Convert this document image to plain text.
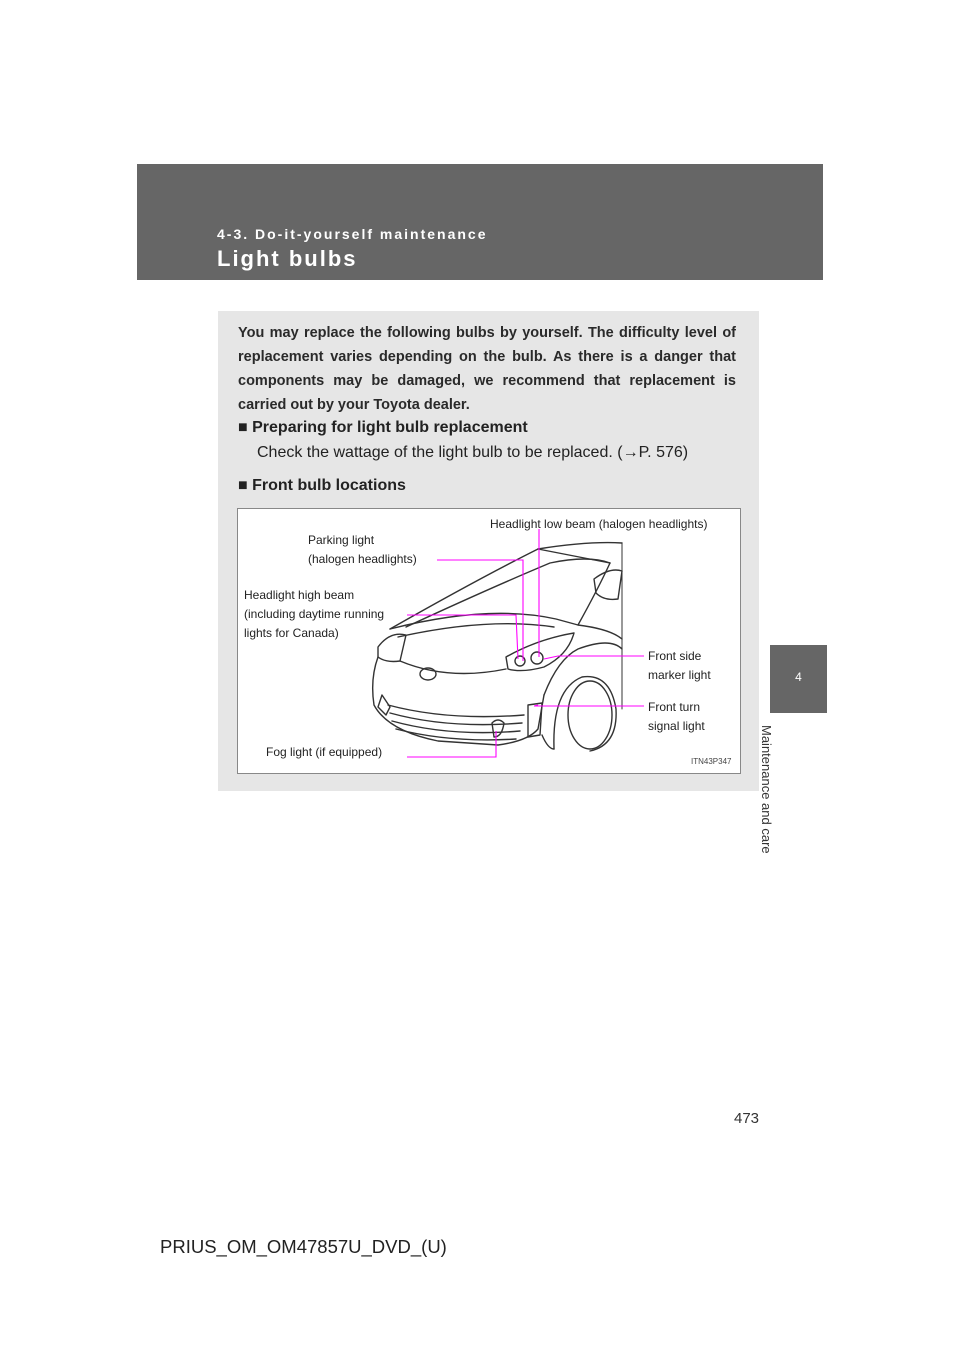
4-3. Do-it-yourself maintenance
Light bulbs
4
Maintenance and care
You may replace the following bulbs by yourself. The difficulty level of replacement varies depending on the bulb. As there is a danger that components may be damaged, we recommend that replacement is carried out by your Toyota dealer.
■ Preparing for light bulb replacement
Check the wattage of the light bulb to be replaced. (→P. 576)
■ Front bulb locations
Headlight low beam (halogen headlights)
Parking light
(halogen headlights)
Headlight high beam
(including daytime running
lights for Canada)
Front side
marker light
Front turn
signal light
Fog light (if equipped)
ITN43P347
473
PRIUS_OM_OM47857U_DVD_(U)
